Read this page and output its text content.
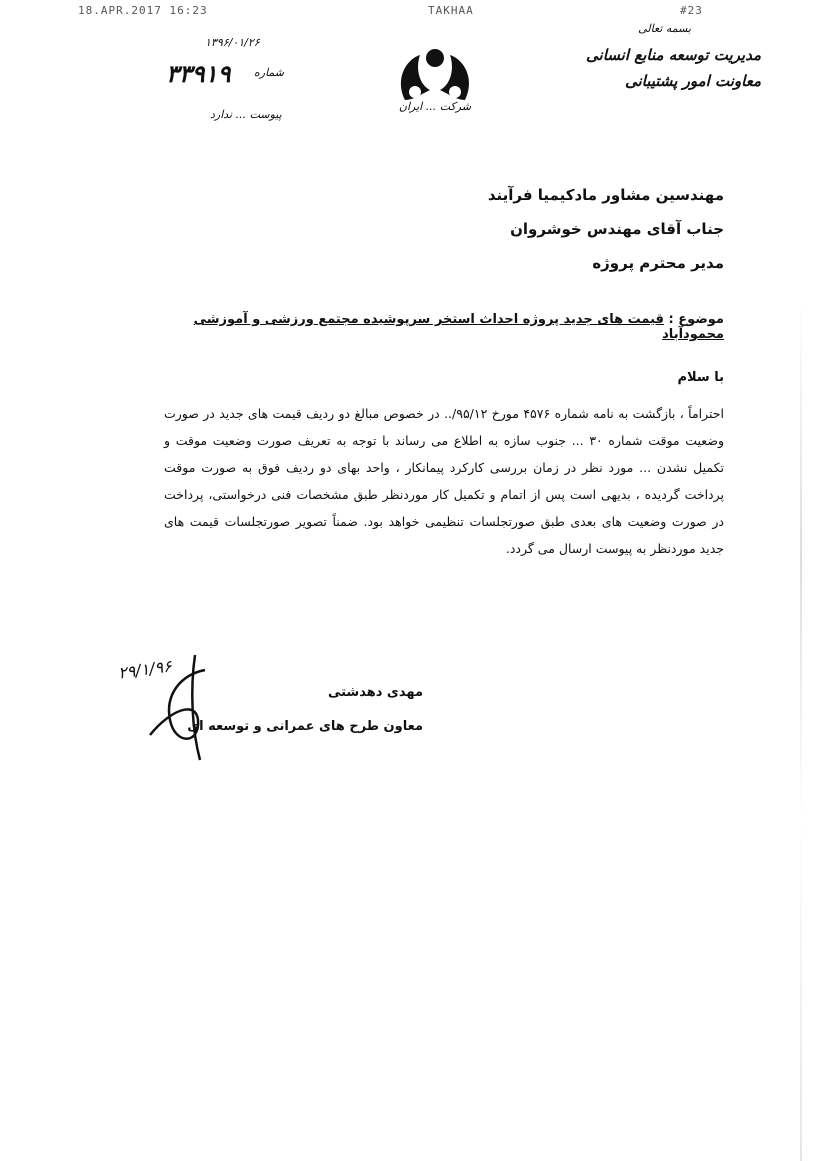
18.APR.2017 16:23	TAKHAA	#23
بسمه تعالی
مدیریت توسعه منابع انسانی
معاونت امور پشتیبانی
شرکت ... ایران
۱۳۹۶/۰۱/۲۶
۳۳۹۱۹ شماره
پیوست ... ندارد
مهندسین مشاور مادکیمیا فرآیند
جناب آقای مهندس خوشروان
مدیر محترم پروژه
موضوع : قیمت های جدید پروژه احداث استخر سرپوشیده مجتمع ورزشی و آموزشی محمودآباد
با سلام
احتراماً ، بازگشت به نامه شماره ۴۵۷۶ مورخ ۹۵/۱۲/.. در خصوص مبالغ دو ردیف قیمت های جدید در صورت وضعیت موقت شماره ۳۰ ... جنوب سازه به اطلاع می رساند با توجه به تعریف صورت وضعیت موقت و تکمیل نشدن ... مورد نظر در زمان بررسی کارکرد پیمانکار ، واحد بهای دو ردیف فوق به صورت موقت پرداخت گردیده ، بدیهی است پس از اتمام و تکمیل کار موردنظر طبق مشخصات فنی درخواستی، پرداخت در صورت وضعیت های بعدی طبق صورتجلسات تنظیمی خواهد بود. ضمناً تصویر صورتجلسات قیمت های جدید موردنظر به پیوست ارسال می گردد.
مهدی دهدشتی
معاون طرح های عمرانی و توسعه ای
۲۹/۱/۹۶
